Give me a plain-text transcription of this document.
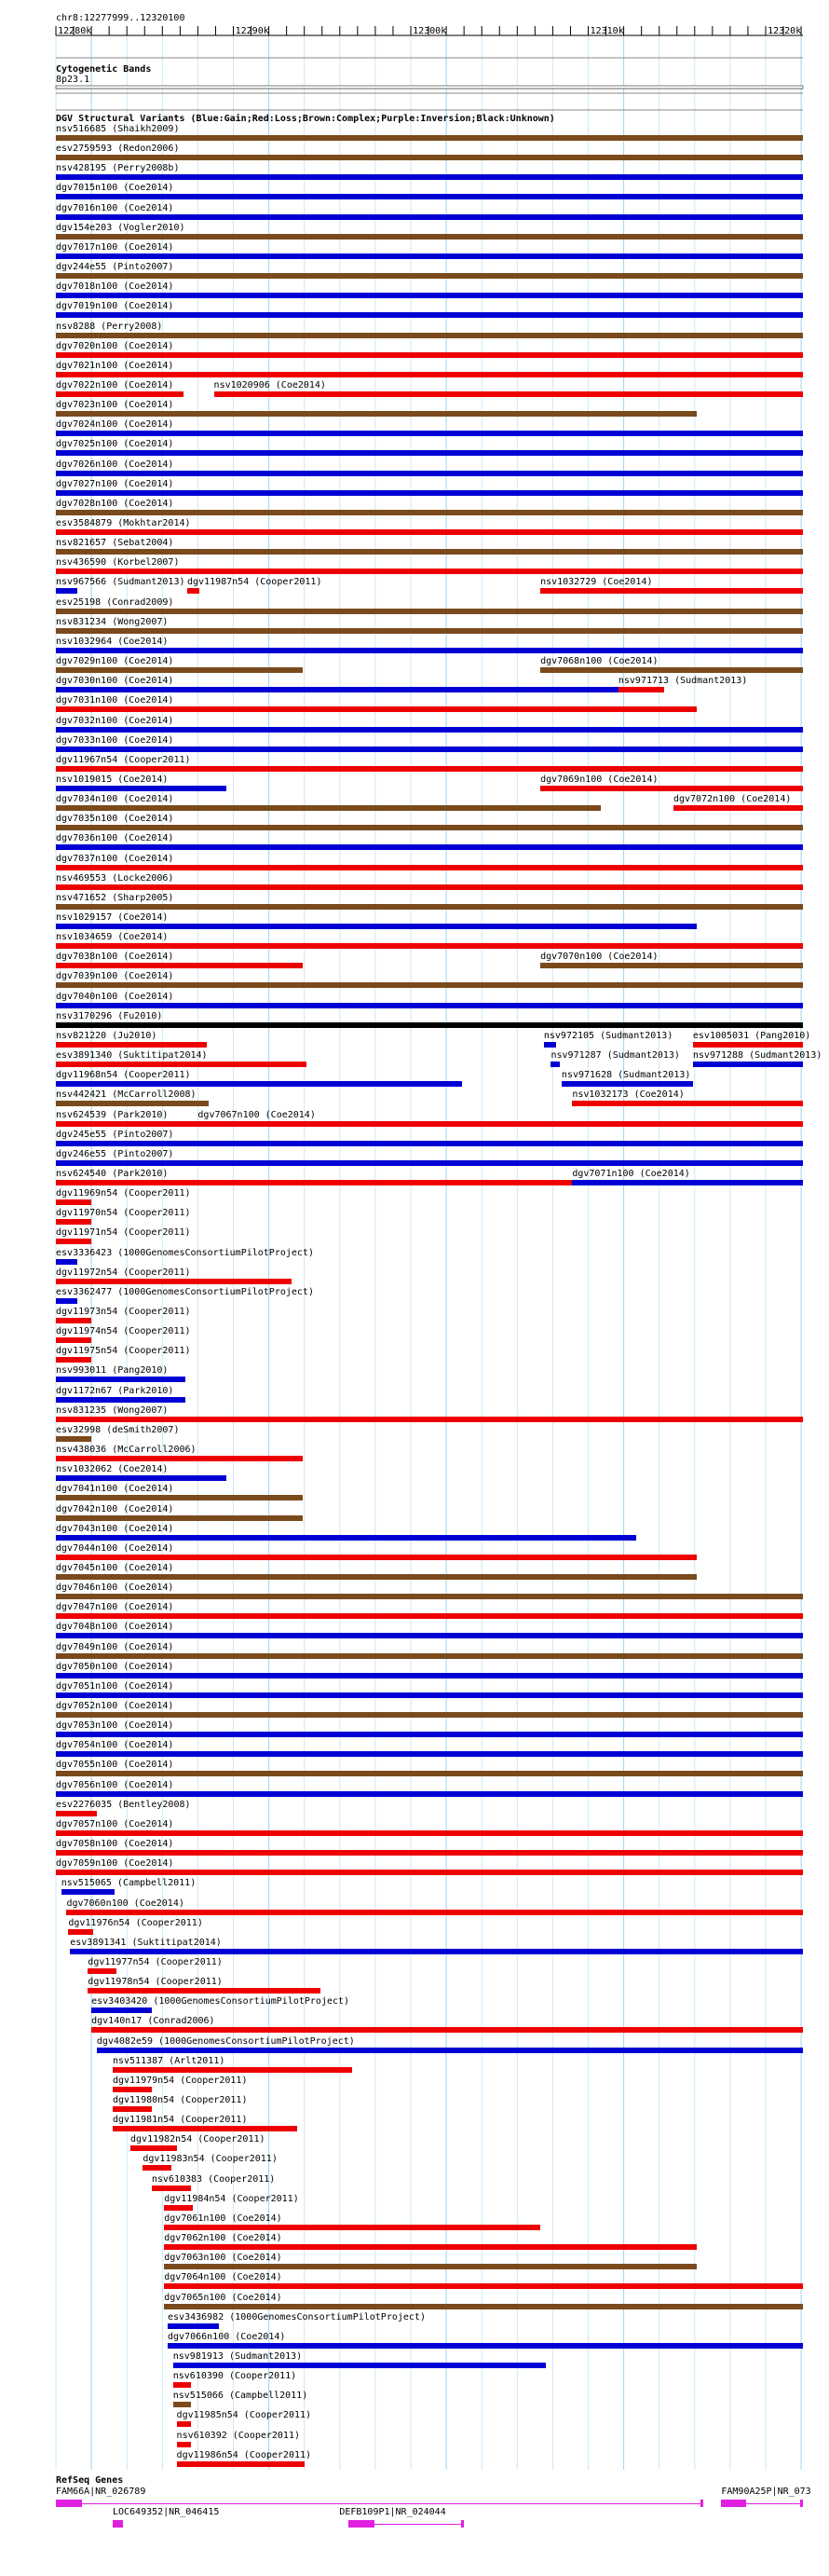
chr8:12277999..12320100
12280k	12290k	12300k	12310k	12320k
Cytogenetic Bands
8p23.1
DGV Structural Variants (Blue:Gain;Red:Loss;Brown:Complex;Purple:Inversion;Black:Unknown)
nsv516685 (Shaikh2009)
esv2759593 (Redon2006)
nsv428195 (Perry2008b)
dgv7015n100 (Coe2014)
dgv7016n100 (Coe2014)
dgv154e203 (Vogler2010)
dgv7017n100 (Coe2014)
dgv244e55 (Pinto2007)
dgv7018n100 (Coe2014)
dgv7019n100 (Coe2014)
nsv8288 (Perry2008)
dgv7020n100 (Coe2014)
dgv7021n100 (Coe2014)
dgv7022n100 (Coe2014)	nsv1020906 (Coe2014)
dgv7023n100 (Coe2014)
dgv7024n100 (Coe2014)
dgv7025n100 (Coe2014)
dgv7026n100 (Coe2014)
dgv7027n100 (Coe2014)
dgv7028n100 (Coe2014)
esv3584879 (Mokhtar2014)
nsv821657 (Sebat2004)
nsv436590 (Korbel2007)
nsv967566 (Sudmant2013) dgv11987n54 (Cooper2011)	nsv1032729 (Coe2014)
esv25198 (Conrad2009)
nsv831234 (Wong2007)
nsv1032964 (Coe2014)
dgv7029n100 (Coe2014)	dgv7068n100 (Coe2014)
dgv7030n100 (Coe2014)	nsv971713 (Sudmant2013)
dgv7031n100 (Coe2014)
dgv7032n100 (Coe2014)
dgv7033n100 (Coe2014)
dgv11967n54 (Cooper2011)
nsv1019015 (Coe2014)	dgv7069n100 (Coe2014)
dgv7034n100 (Coe2014)	dgv7072n100 (Coe2014)
dgv7035n100 (Coe2014)
dgv7036n100 (Coe2014)
dgv7037n100 (Coe2014)
nsv469553 (Locke2006)
nsv471652 (Sharp2005)
nsv1029157 (Coe2014)
nsv1034659 (Coe2014)
dgv7038n100 (Coe2014)	dgv7070n100 (Coe2014)
dgv7039n100 (Coe2014)
dgv7040n100 (Coe2014)
nsv3170296 (Fu2010)
nsv821220 (Ju2010)	nsv972105 (Sudmant2013) esv1005031 (Pang2010)
esv3891340 (Suktitipat2014)	nsv971287 (Sudmant2013) nsv971288 (Sudmant2013)
dgv11968n54 (Cooper2011)	nsv971628 (Sudmant2013)
nsv442421 (McCarroll2008)	nsv1032173 (Coe2014)
nsv624539 (Park2010)	dgv7067n100 (Coe2014)
dgv245e55 (Pinto2007)
dgv246e55 (Pinto2007)
nsv624540 (Park2010)	dgv7071n100 (Coe2014)
dgv11969n54 (Cooper2011)
dgv11970n54 (Cooper2011)
dgv11971n54 (Cooper2011)
esv3336423 (1000GenomesConsortiumPilotProject)
dgv11972n54 (Cooper2011)
esv3362477 (1000GenomesConsortiumPilotProject)
dgv11973n54 (Cooper2011)
dgv11974n54 (Cooper2011)
dgv11975n54 (Cooper2011)
nsv993011 (Pang2010)
dgv1172n67 (Park2010)
nsv831235 (Wong2007)
esv32998 (deSmith2007)
nsv438036 (McCarroll2006)
nsv1032062 (Coe2014)
dgv7041n100 (Coe2014)
dgv7042n100 (Coe2014)
dgv7043n100 (Coe2014)
dgv7044n100 (Coe2014)
dgv7045n100 (Coe2014)
dgv7046n100 (Coe2014)
dgv7047n100 (Coe2014)
dgv7048n100 (Coe2014)
dgv7049n100 (Coe2014)
dgv7050n100 (Coe2014)
dgv7051n100 (Coe2014)
dgv7052n100 (Coe2014)
dgv7053n100 (Coe2014)
dgv7054n100 (Coe2014)
dgv7055n100 (Coe2014)
dgv7056n100 (Coe2014)
esv2276035 (Bentley2008)
dgv7057n100 (Coe2014)
dgv7058n100 (Coe2014)
dgv7059n100 (Coe2014)
nsv515065 (Campbell2011)
dgv7060n100 (Coe2014)
dgv11976n54 (Cooper2011)
esv3891341 (Suktitipat2014)
dgv11977n54 (Cooper2011)
dgv11978n54 (Cooper2011)
esv3403420 (1000GenomesConsortiumPilotProject)
dgv140n17 (Conrad2006)
dgv4082e59 (1000GenomesConsortiumPilotProject)
nsv511387 (Arlt2011)
dgv11979n54 (Cooper2011)
dgv11980n54 (Cooper2011)
dgv11981n54 (Cooper2011)
dgv11982n54 (Cooper2011)
dgv11983n54 (Cooper2011)
nsv610383 (Cooper2011)
dgv11984n54 (Cooper2011)
dgv7061n100 (Coe2014)
dgv7062n100 (Coe2014)
dgv7063n100 (Coe2014)
dgv7064n100 (Coe2014)
dgv7065n100 (Coe2014)
esv3436982 (1000GenomesConsortiumPilotProject)
dgv7066n100 (Coe2014)
nsv981913 (Sudmant2013)
nsv610390 (Cooper2011)
nsv515066 (Campbell2011)
dgv11985n54 (Cooper2011)
nsv610392 (Cooper2011)
dgv11986n54 (Cooper2011)
RefSeq Genes
FAM66A|NR_026789	FAM90A25P|NR_073
LOC649352|NR_046415	DEFB109P1|NR_024044
